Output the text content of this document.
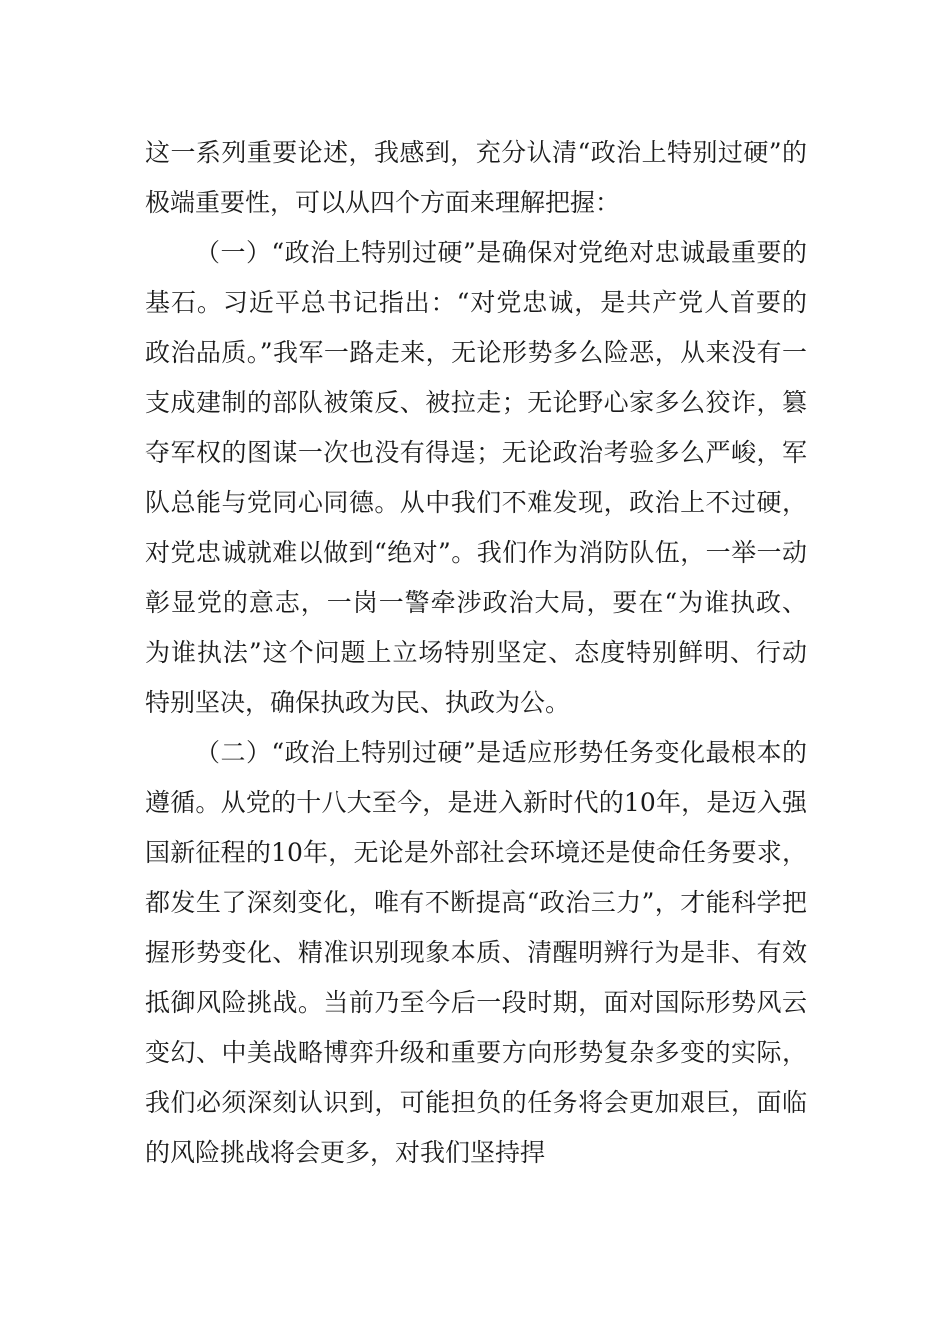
这一系列重要论述，我感到，充分认清“政治上特别过硬”的极端重要性，可以从四个方面来理解把握：

（一）“政治上特别过硬”是确保对党绝对忠诚最重要的基石。习近平总书记指出：“对党忠诚，是共产党人首要的政治品质。”我军一路走来，无论形势多么险恶，从来没有一支成建制的部队被策反、被拉走；无论野心家多么狡诈，篡夺军权的图谋一次也没有得逞；无论政治考验多么严峻，军队总能与党同心同德。从中我们不难发现，政治上不过硬，对党忠诚就难以做到“绝对”。我们作为消防队伍，一举一动彰显党的意志，一岗一警牵涉政治大局，要在“为谁执政、为谁执法”这个问题上立场特别坚定、态度特别鲜明、行动特别坚决，确保执政为民、执政为公。

（二）“政治上特别过硬”是适应形势任务变化最根本的遵循。从党的十八大至今，是进入新时代的10年，是迈入强国新征程的10年，无论是外部社会环境还是使命任务要求，都发生了深刻变化，唯有不断提高“政治三力”，才能科学把握形势变化、精准识别现象本质、清醒明辨行为是非、有效抵御风险挑战。当前乃至今后一段时期，面对国际形势风云变幻、中美战略博弈升级和重要方向形势复杂多变的实际，我们必须深刻认识到，可能担负的任务将会更加艰巨，面临的风险挑战将会更多，对我们坚持捍
